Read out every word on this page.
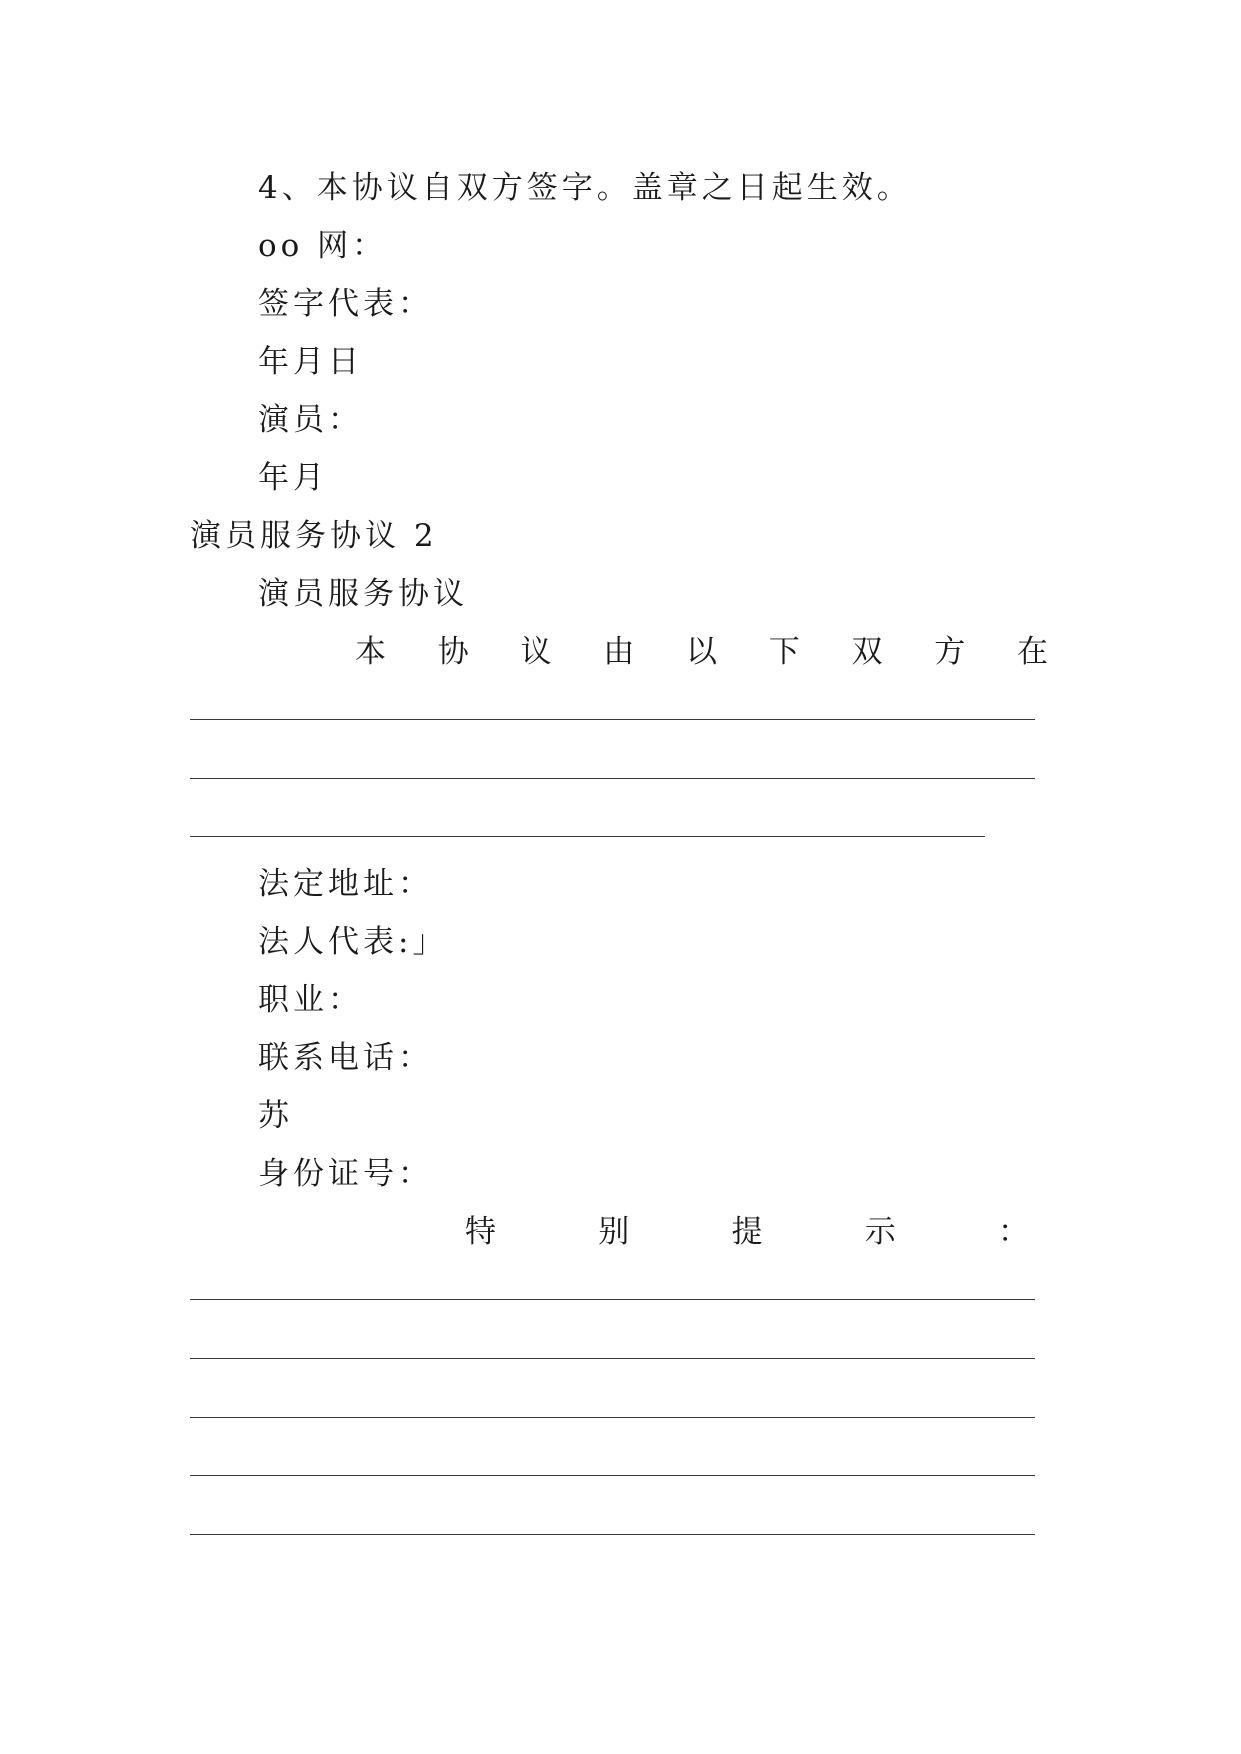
4、本协议自双方签字。盖章之日起生效。
oo 网：
签字代表：
年月日
演员：
年月
演员服务协议 2
演员服务协议
本 协 议 由 以 下 双 方 在
法定地址：
法人代表:」
职业：
联系电话：
苏
身份证号：
特	别	提	示	：
